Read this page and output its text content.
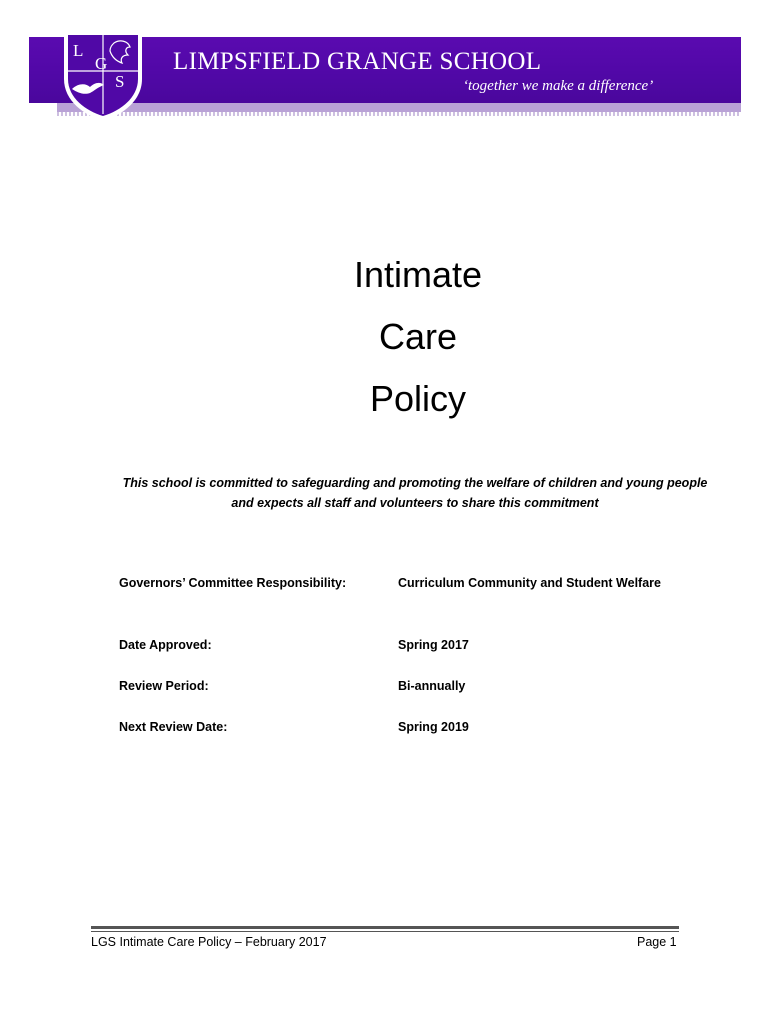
L
G
S
LIMPSFIELD GRANGE SCHOOL
‘together we make a difference’
Intimate
Care
Policy
This school is committed to safeguarding and promoting the welfare of children and young people and expects all staff and volunteers to share this commitment
Governors’ Committee Responsibility:	Curriculum Community and Student Welfare
Date Approved:	Spring 2017
Review Period:	Bi-annually
Next Review Date:	Spring 2019
LGS Intimate Care Policy – February 2017	Page 1
